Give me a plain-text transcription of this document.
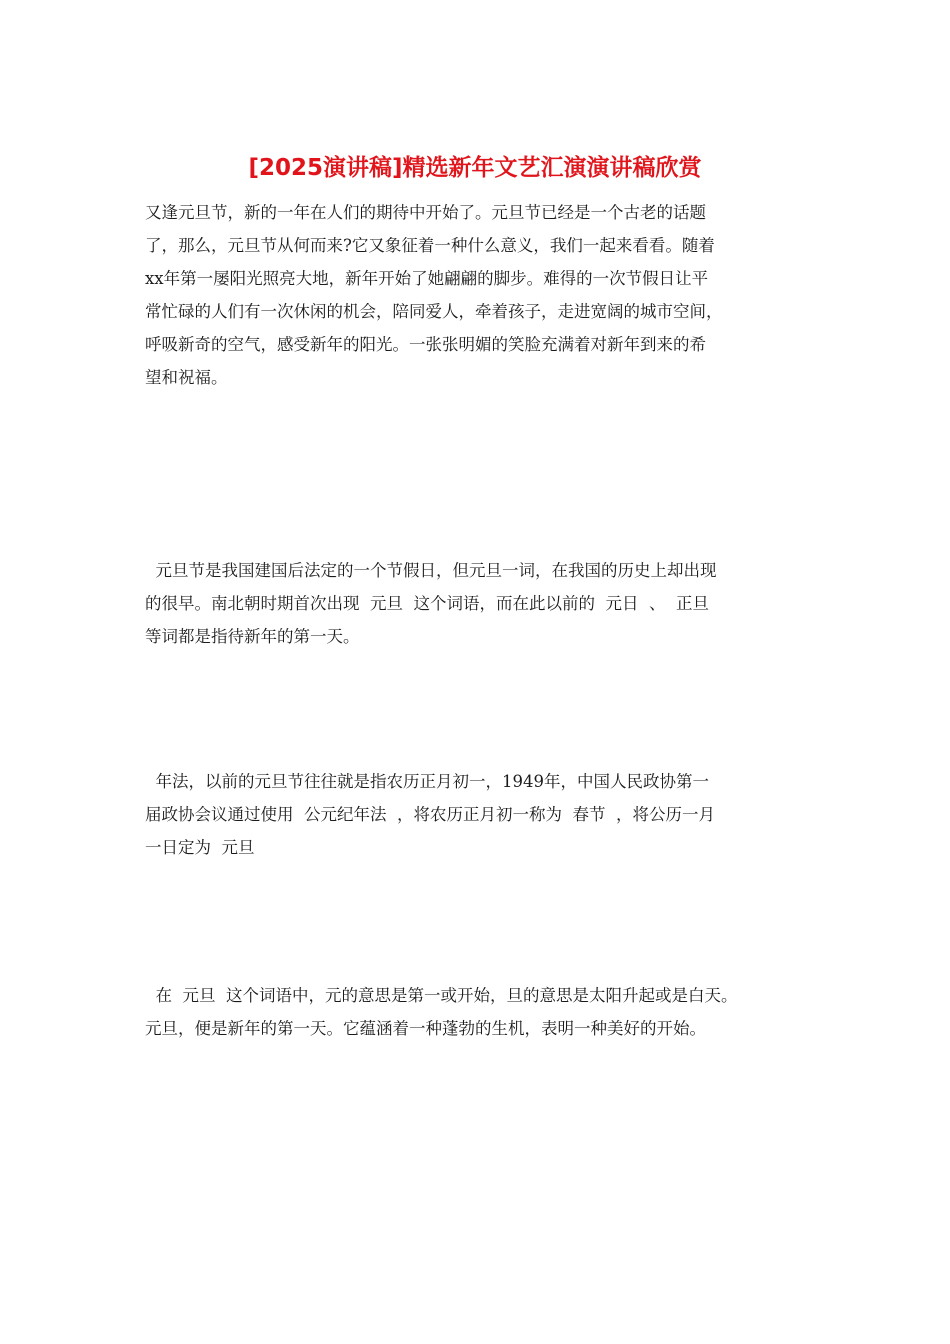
[2025演讲稿]精选新年文艺汇演演讲稿欣赏
又逢元旦节，新的一年在人们的期待中开始了。元旦节已经是一个古老的话题
了，那么，元旦节从何而来?它又象征着一种什么意义，我们一起来看看。随着
xx年第一屡阳光照亮大地，新年开始了她翩翩的脚步。难得的一次节假日让平
常忙碌的人们有一次休闲的机会，陪同爱人，牵着孩子，走进宽阔的城市空间，
呼吸新奇的空气，感受新年的阳光。一张张明媚的笑脸充满着对新年到来的希
望和祝福。
元旦节是我国建国后法定的一个节假日，但元旦一词，在我国的历史上却出现
的很早。南北朝时期首次出现  元旦  这个词语，而在此以前的  元日  、  正旦
等词都是指待新年的第一天。
年法，以前的元旦节往往就是指农历正月初一，1949年，中国人民政协第一
届政协会议通过使用  公元纪年法  ，将农历正月初一称为  春节  ，将公历一月
一日定为  元旦
在  元旦  这个词语中，元的意思是第一或开始，旦的意思是太阳升起或是白天。
元旦，便是新年的第一天。它蕴涵着一种蓬勃的生机，表明一种美好的开始。
